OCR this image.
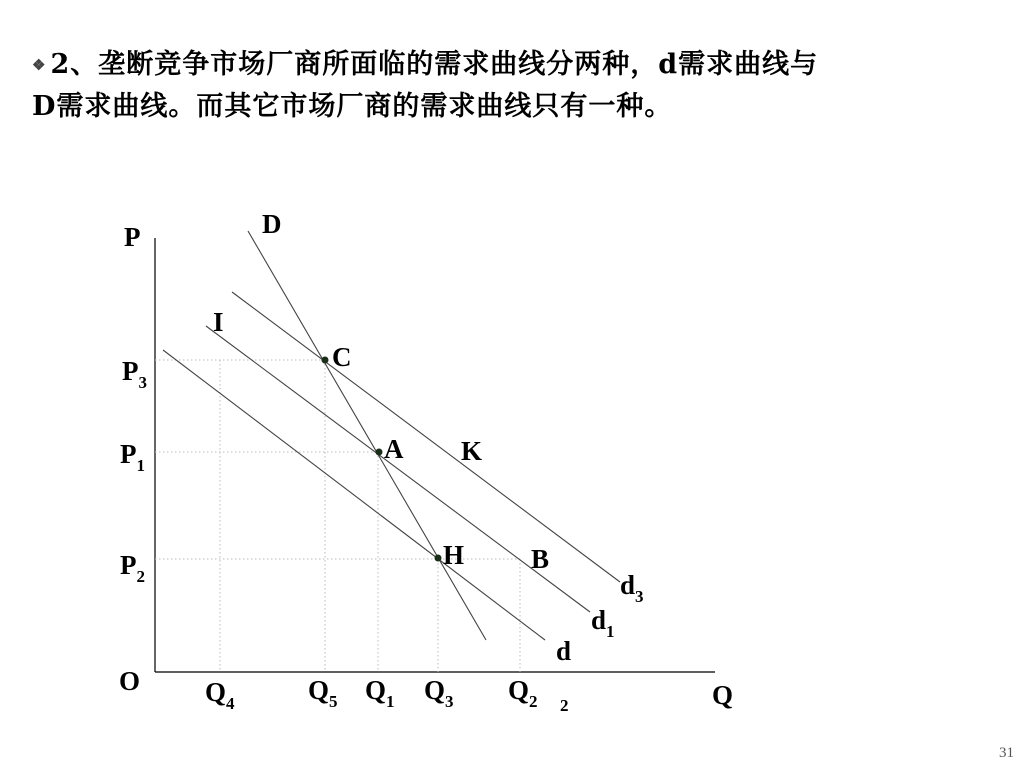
❖ 2、垄断竞争市场厂商所面临的需求曲线分两种，d需求曲线与
D需求曲线。而其它市场厂商的需求曲线只有一种。
P
Q
O
$P_3$
$P_1$
$P_2$
$Q_4$	$Q_5$ $Q_1$ $Q_3$ $Q_2$ 2
D
I
K
B
$d_3$
$d_1$
d
C
A
H
31
